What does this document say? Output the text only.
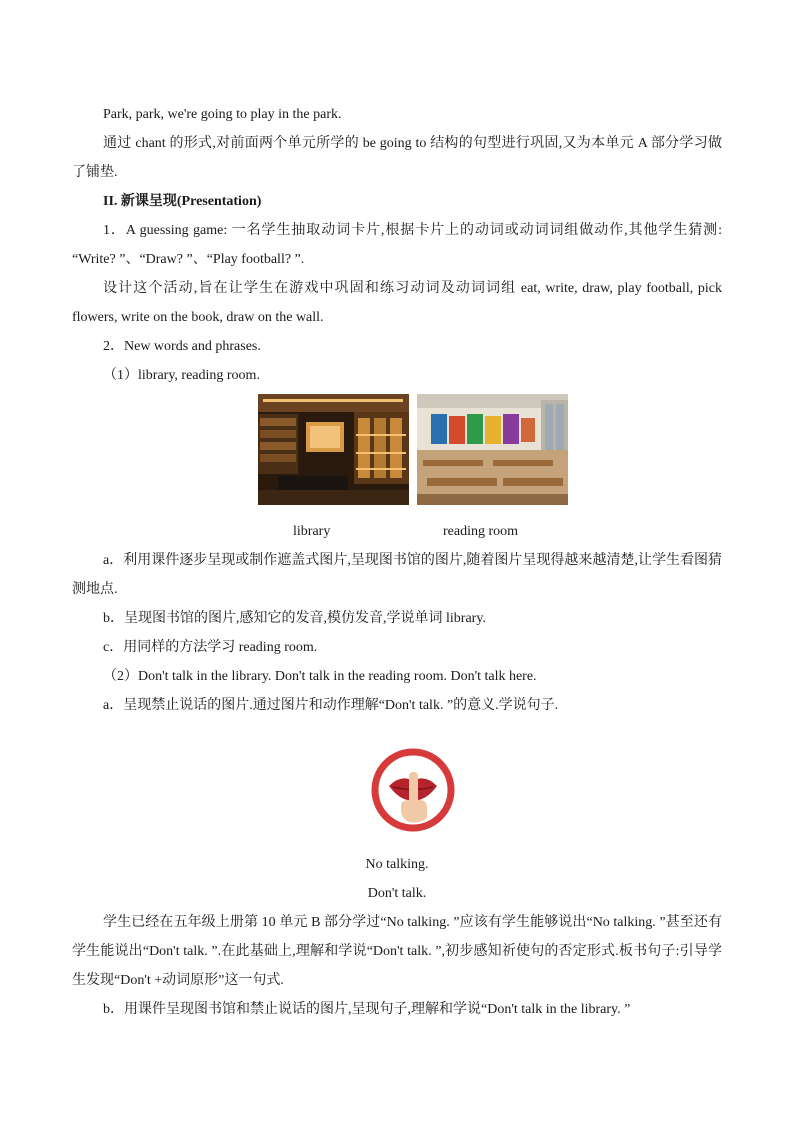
Park, park, we're going to play in the park.

通过 chant 的形式,对前面两个单元所学的 be going to 结构的句型进行巩固,又为本单元 A 部分学习做了铺垫.

II. 新课呈现(Presentation)

1．A guessing game: 一名学生抽取动词卡片,根据卡片上的动词或动词词组做动作,其他学生猜测: “Write? ”、“Draw? ”、“Play football? ”.

设计这个活动,旨在让学生在游戏中巩固和练习动词及动词词组 eat, write, draw, play football, pick flowers, write on the book, draw on the wall.

2．New words and phrases.

（1）library, reading room.

library	reading room

a．利用课件逐步呈现或制作遮盖式图片,呈现图书馆的图片,随着图片呈现得越来越清楚,让学生看图猜测地点.

b．呈现图书馆的图片,感知它的发音,模仿发音,学说单词 library.

c．用同样的方法学习 reading room.

（2）Don't talk in the library. Don't talk in the reading room. Don't talk here.

a．呈现禁止说话的图片.通过图片和动作理解“Don't talk. ”的意义.学说句子.

No talking.

Don't talk.

学生已经在五年级上册第 10 单元 B 部分学过“No talking. ”应该有学生能够说出“No talking. ”甚至还有学生能说出“Don't talk. ”.在此基础上,理解和学说“Don't talk. ”,初步感知祈使句的否定形式.板书句子:引导学生发现“Don't +动词原形”这一句式.

b．用课件呈现图书馆和禁止说话的图片,呈现句子,理解和学说“Don't talk in the library. ”
